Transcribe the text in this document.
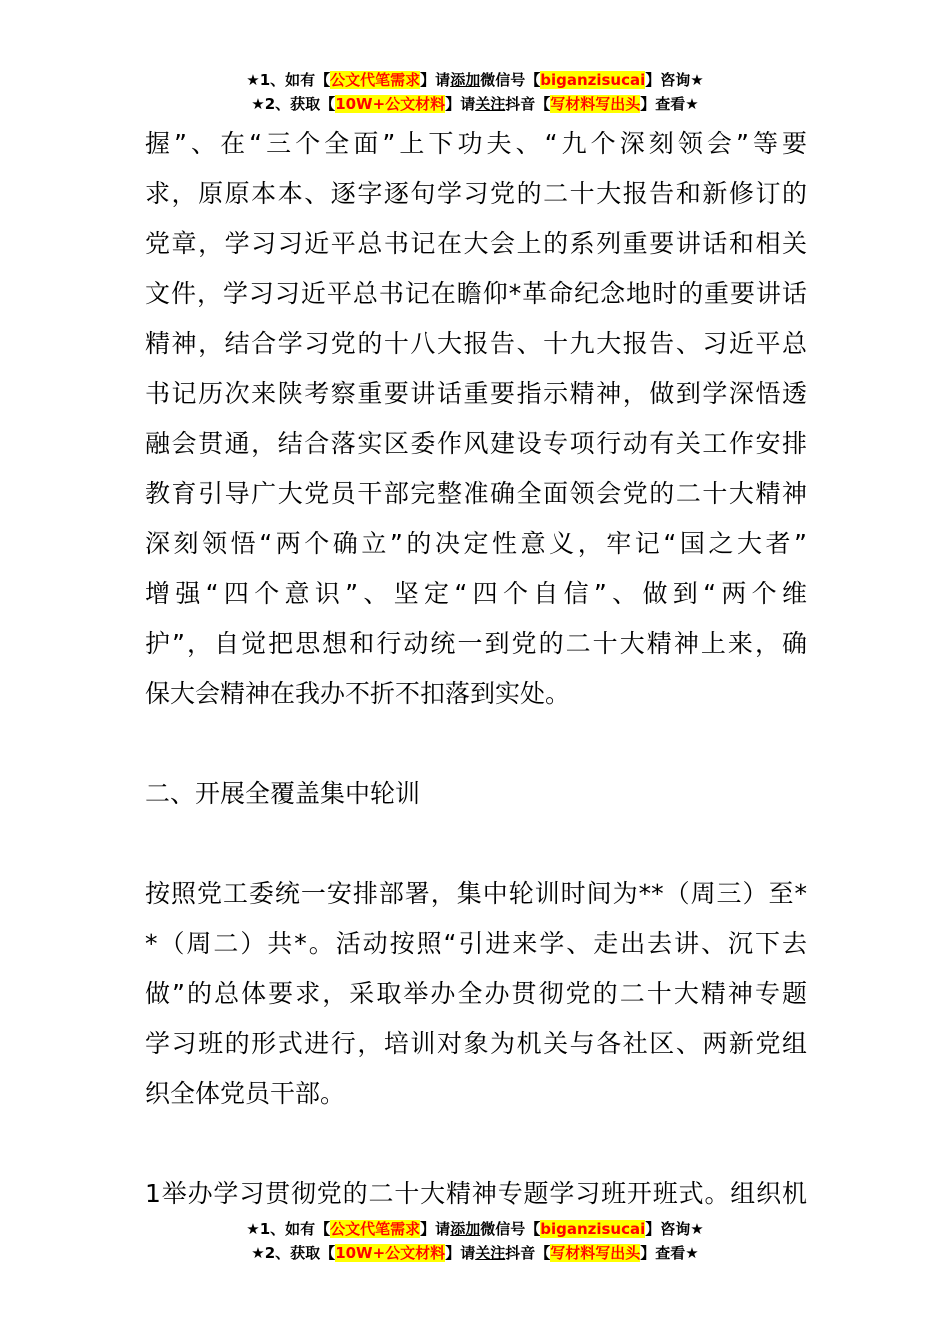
★1、如有【公文代笔需求】请添加微信号【biganzisucai】咨询★
★2、获取【10W+公文材料】请关注抖音【写材料写出头】查看★
握”、在“三个全面”上下功夫、“九个深刻领会”等要
求，原原本本、逐字逐句学习党的二十大报告和新修订的
党章，学习习近平总书记在大会上的系列重要讲话和相关
文件，学习习近平总书记在瞻仰*革命纪念地时的重要讲话
精神，结合学习党的十八大报告、十九大报告、习近平总
书记历次来陕考察重要讲话重要指示精神，做到学深悟透
融会贯通，结合落实区委作风建设专项行动有关工作安排
教育引导广大党员干部完整准确全面领会党的二十大精神
深刻领悟“两个确立”的决定性意义，牢记“国之大者”
增强“四个意识”、坚定“四个自信”、做到“两个维
护”，自觉把思想和行动统一到党的二十大精神上来，确
保大会精神在我办不折不扣落到实处。
二、开展全覆盖集中轮训
按照党工委统一安排部署，集中轮训时间为**（周三）至*
*（周二）共*。活动按照“引进来学、走出去讲、沉下去
做”的总体要求，采取举办全办贯彻党的二十大精神专题
学习班的形式进行，培训对象为机关与各社区、两新党组
织全体党员干部。
1举办学习贯彻党的二十大精神专题学习班开班式。组织机
★1、如有【公文代笔需求】请添加微信号【biganzisucai】咨询★
★2、获取【10W+公文材料】请关注抖音【写材料写出头】查看★
